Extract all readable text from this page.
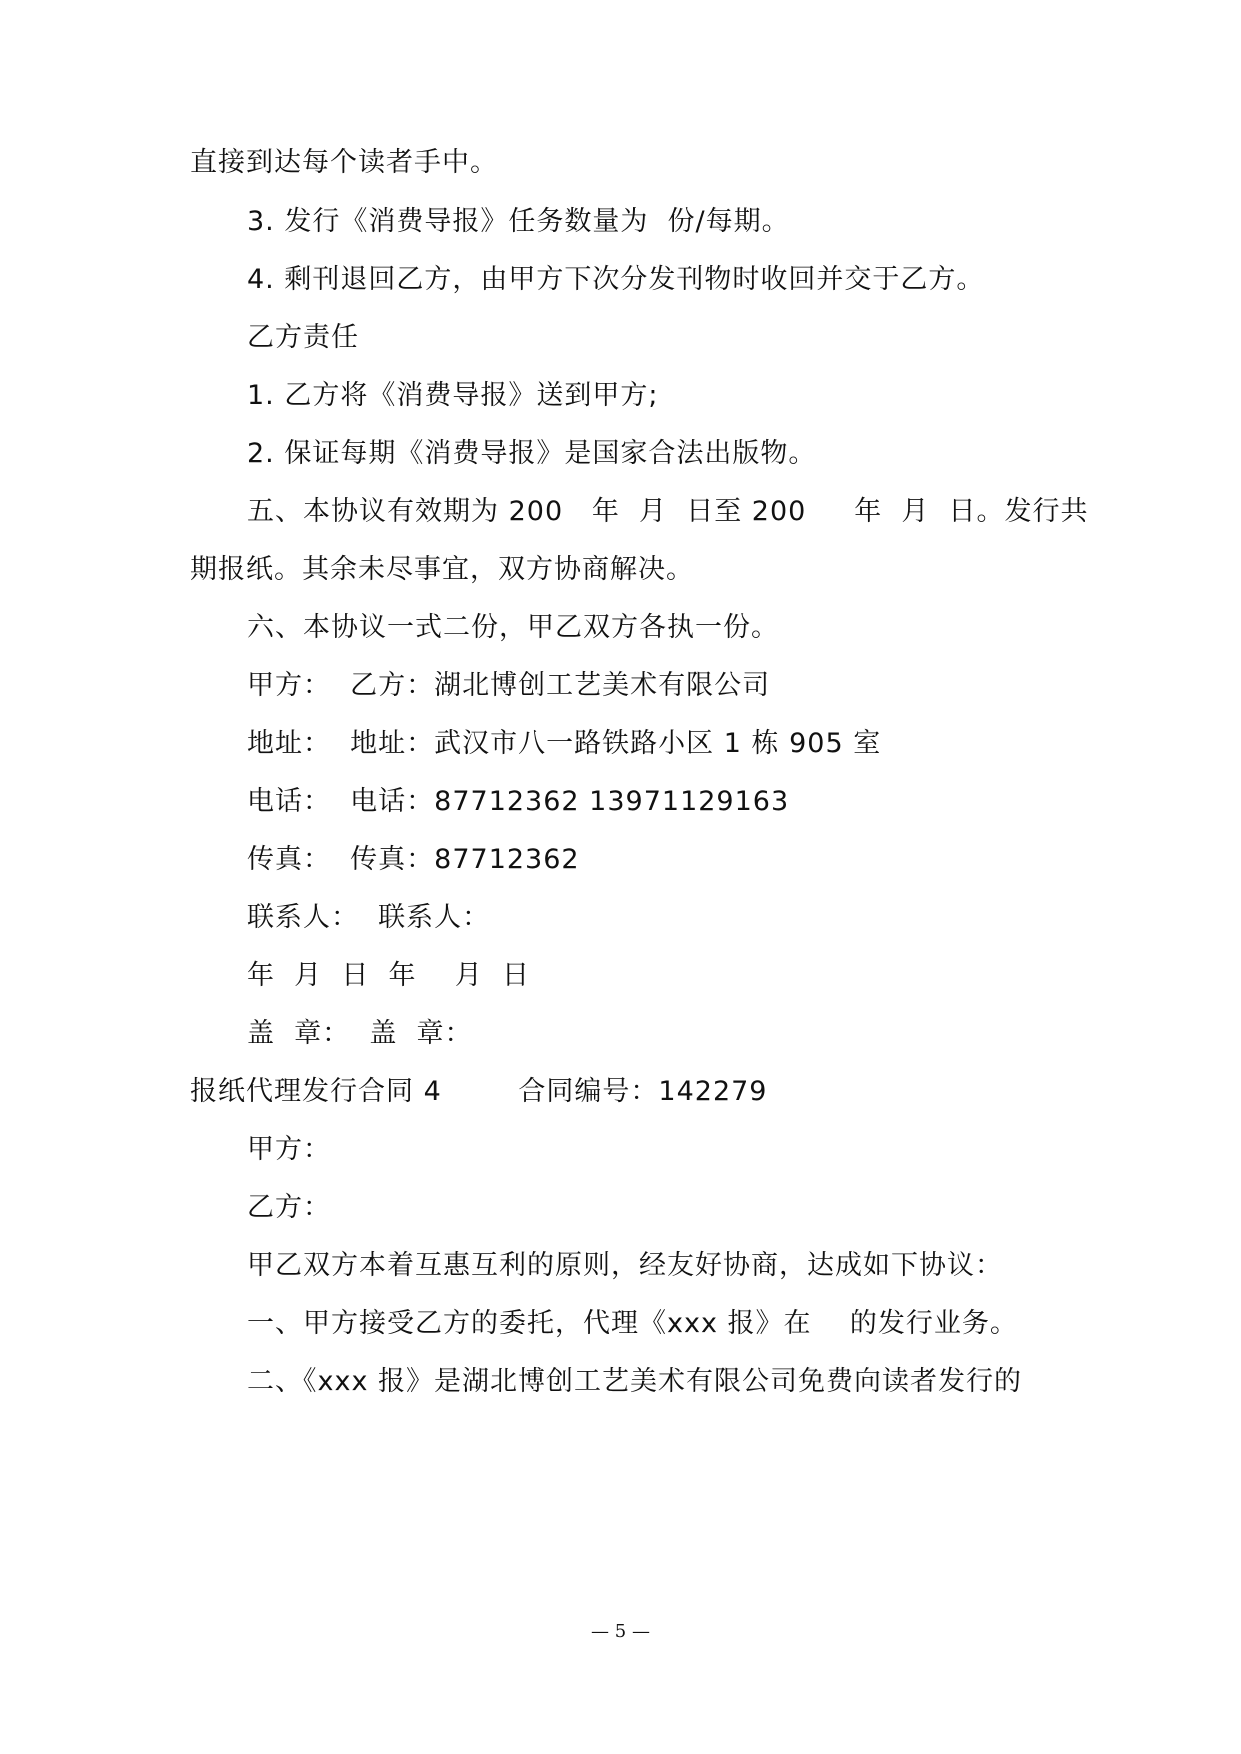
直接到达每个读者手中。

3. 发行《消费导报》任务数量为  份/每期。

4. 剩刊退回乙方，由甲方下次分发刊物时收回并交于乙方。

乙方责任

1. 乙方将《消费导报》送到甲方;

2. 保证每期《消费导报》是国家合法出版物。

五、本协议有效期为 200   年  月  日至 200     年  月  日。发行共

期报纸。其余未尽事宜，双方协商解决。

六、本协议一式二份，甲乙双方各执一份。

甲方：  乙方：湖北博创工艺美术有限公司

地址：  地址：武汉市八一路铁路小区 1 栋 905 室

电话：  电话：87712362 13971129163

传真：  传真：87712362

联系人：  联系人：

年  月  日  年    月  日

盖  章：  盖  章：

报纸代理发行合同 4        合同编号：142279

甲方：

乙方：

甲乙双方本着互惠互利的原则，经友好协商，达成如下协议：

一、甲方接受乙方的委托，代理《xxx 报》在    的发行业务。

二、《xxx 报》是湖北博创工艺美术有限公司免费向读者发行的

— 5 —
